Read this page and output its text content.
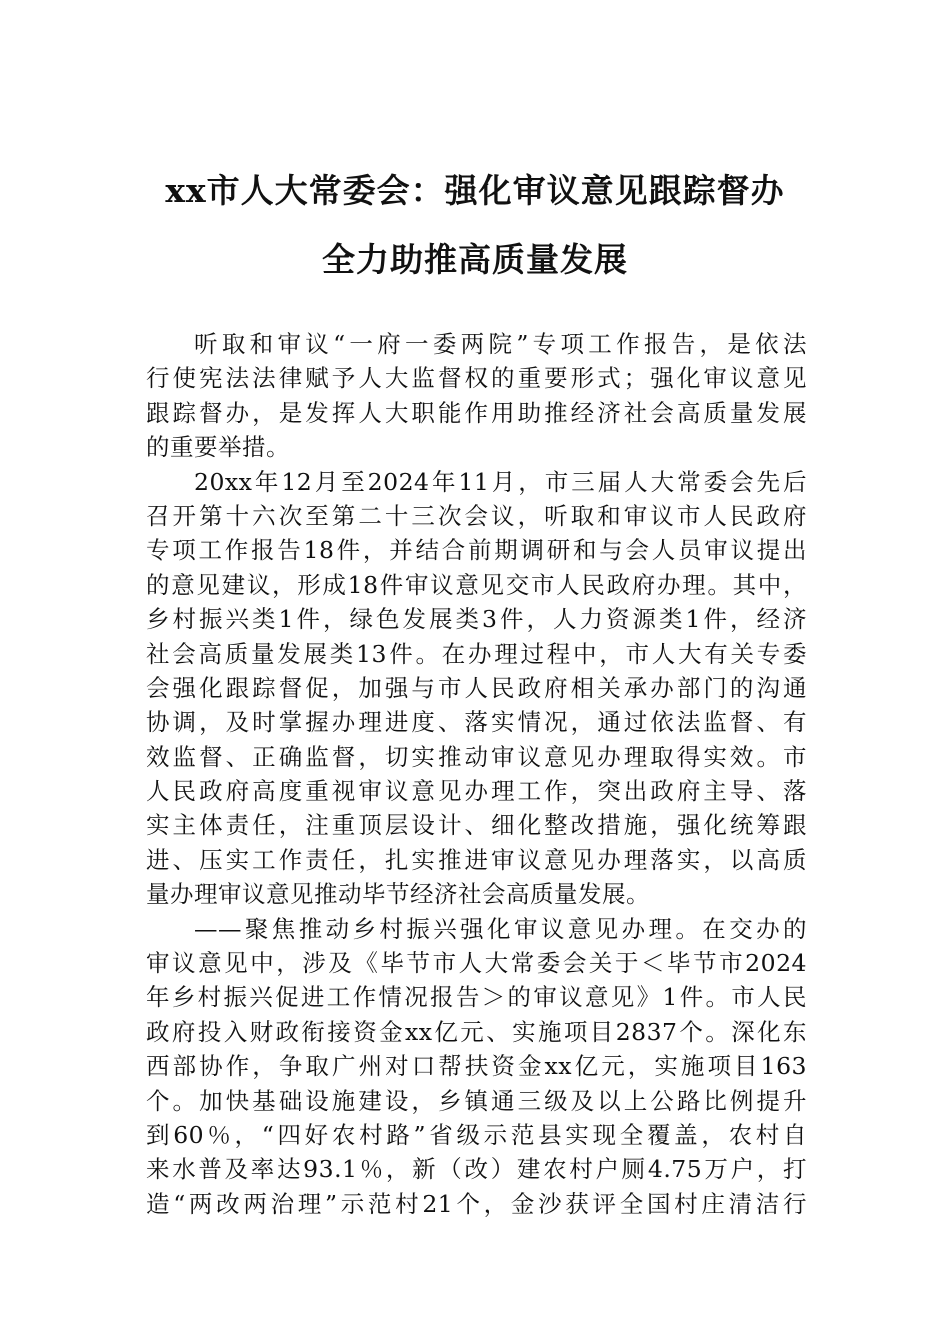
xx市人大常委会：强化审议意见跟踪督办
全力助推高质量发展
听取和审议“一府一委两院”专项工作报告，是依法
行使宪法法律赋予人大监督权的重要形式；强化审议意见
跟踪督办，是发挥人大职能作用助推经济社会高质量发展
的重要举措。
20xx年12月至2024年11月，市三届人大常委会先后
召开第十六次至第二十三次会议，听取和审议市人民政府
专项工作报告18件，并结合前期调研和与会人员审议提出
的意见建议，形成18件审议意见交市人民政府办理。其中，
乡村振兴类1件，绿色发展类3件，人力资源类1件，经济
社会高质量发展类13件。在办理过程中，市人大有关专委
会强化跟踪督促，加强与市人民政府相关承办部门的沟通
协调，及时掌握办理进度、落实情况，通过依法监督、有
效监督、正确监督，切实推动审议意见办理取得实效。市
人民政府高度重视审议意见办理工作，突出政府主导、落
实主体责任，注重顶层设计、细化整改措施，强化统筹跟
进、压实工作责任，扎实推进审议意见办理落实，以高质
量办理审议意见推动毕节经济社会高质量发展。
——聚焦推动乡村振兴强化审议意见办理。在交办的
审议意见中，涉及《毕节市人大常委会关于＜毕节市2024
年乡村振兴促进工作情况报告＞的审议意见》1件。市人民
政府投入财政衔接资金xx亿元、实施项目2837个。深化东
西部协作，争取广州对口帮扶资金xx亿元，实施项目163
个。加快基础设施建设，乡镇通三级及以上公路比例提升
到60％，“四好农村路”省级示范县实现全覆盖，农村自
来水普及率达93.1％，新（改）建农村户厕4.75万户，打
造“两改两治理”示范村21个，金沙获评全国村庄清洁行
